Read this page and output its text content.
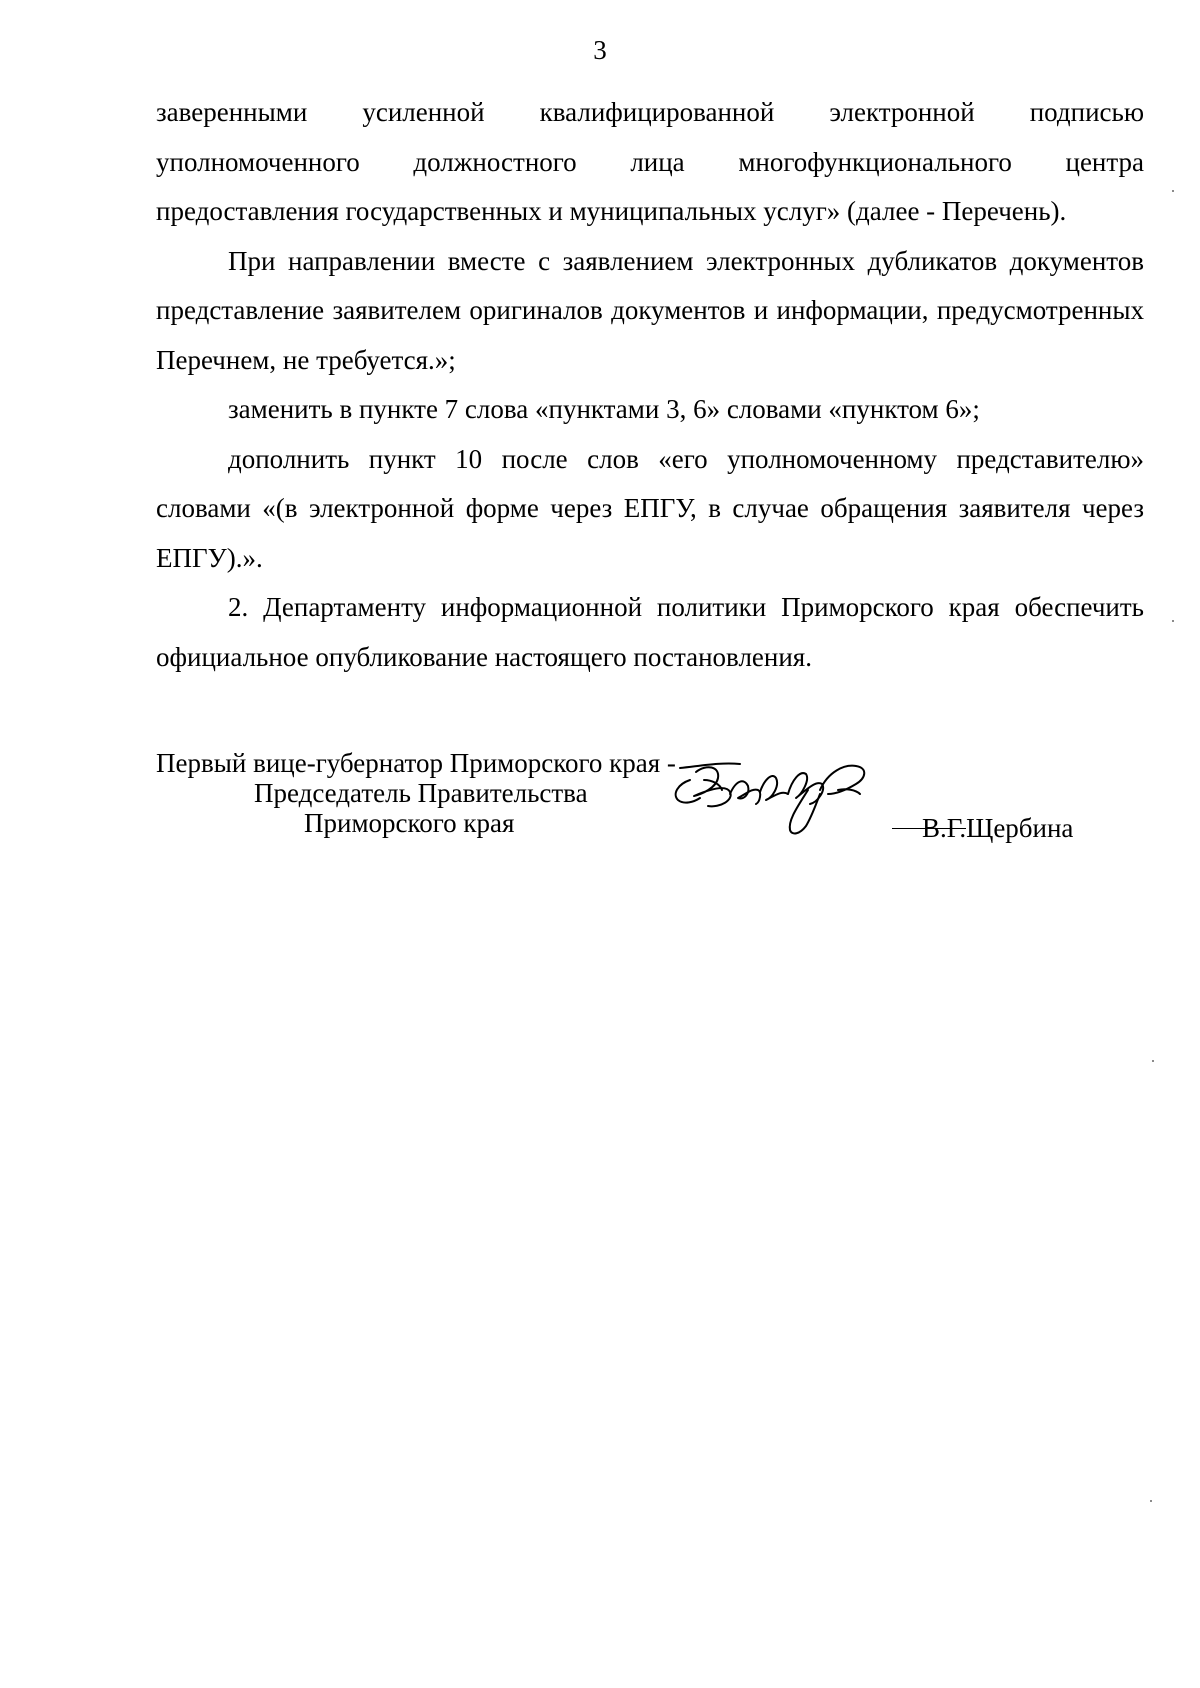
3

заверенными усиленной квалифицированной электронной подписью уполномоченного должностного лица многофункционального центра предоставления государственных и муниципальных услуг» (далее - Перечень).

При направлении вместе с заявлением электронных дубликатов документов представление заявителем оригиналов документов и информации, предусмотренных Перечнем, не требуется.»;

заменить в пункте 7 слова «пунктами 3, 6» словами «пунктом 6»;

дополнить пункт 10 после слов «его уполномоченному представителю» словами «(в электронной форме через ЕПГУ, в случае обращения заявителя через ЕПГУ).».

2. Департаменту информационной политики Приморского края обеспечить официальное опубликование настоящего постановления.

Первый вице-губернатор Приморского края -
Председатель Правительства
Приморского края	В.Г.
Щербина
